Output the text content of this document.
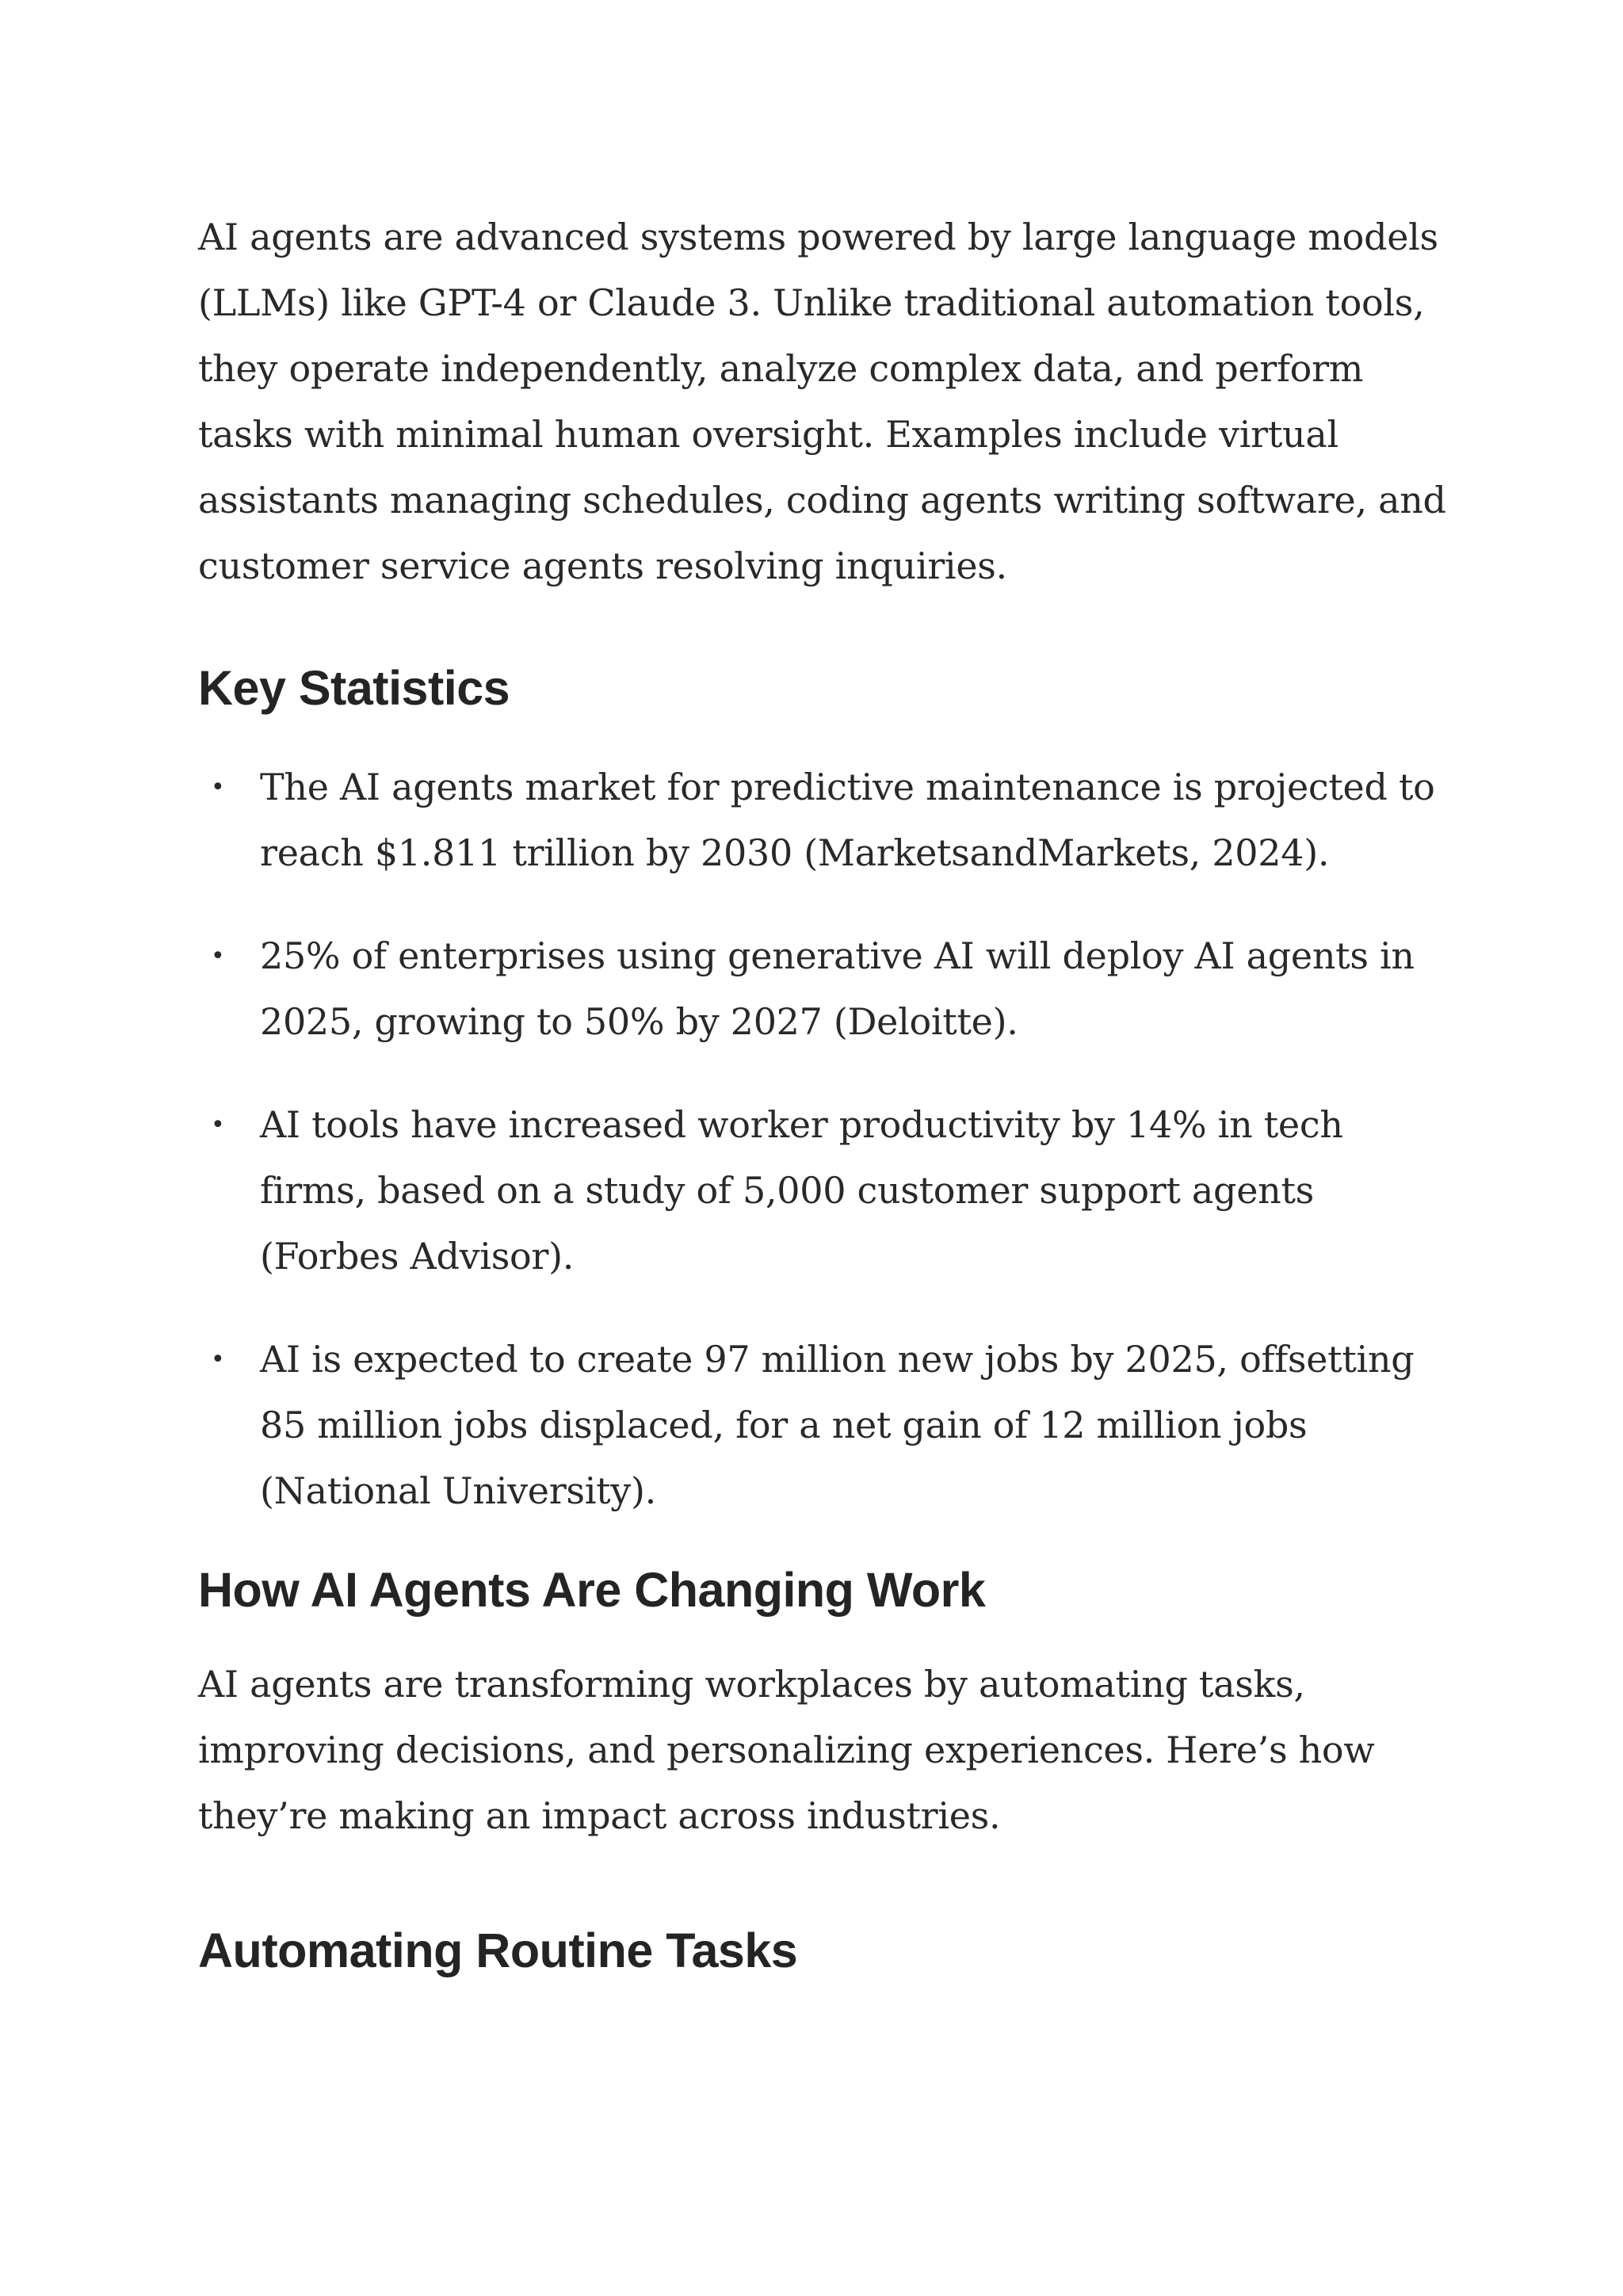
AI agents are advanced systems powered by large language models (LLMs) like GPT-4 or Claude 3. Unlike traditional automation tools, they operate independently, analyze complex data, and perform tasks with minimal human oversight. Examples include virtual assistants managing schedules, coding agents writing software, and customer service agents resolving inquiries.

Key Statistics
• The AI agents market for predictive maintenance is projected to reach $1.811 trillion by 2030 (MarketsandMarkets, 2024).

• 25% of enterprises using generative AI will deploy AI agents in 2025, growing to 50% by 2027 (Deloitte).

• AI tools have increased worker productivity by 14% in tech firms, based on a study of 5,000 customer support agents (Forbes Advisor).

• AI is expected to create 97 million new jobs by 2025, offsetting 85 million jobs displaced, for a net gain of 12 million jobs (National University).

How AI Agents Are Changing Work

AI agents are transforming workplaces by automating tasks, improving decisions, and personalizing experiences. Here’s how they’re making an impact across industries.

Automating Routine Tasks
